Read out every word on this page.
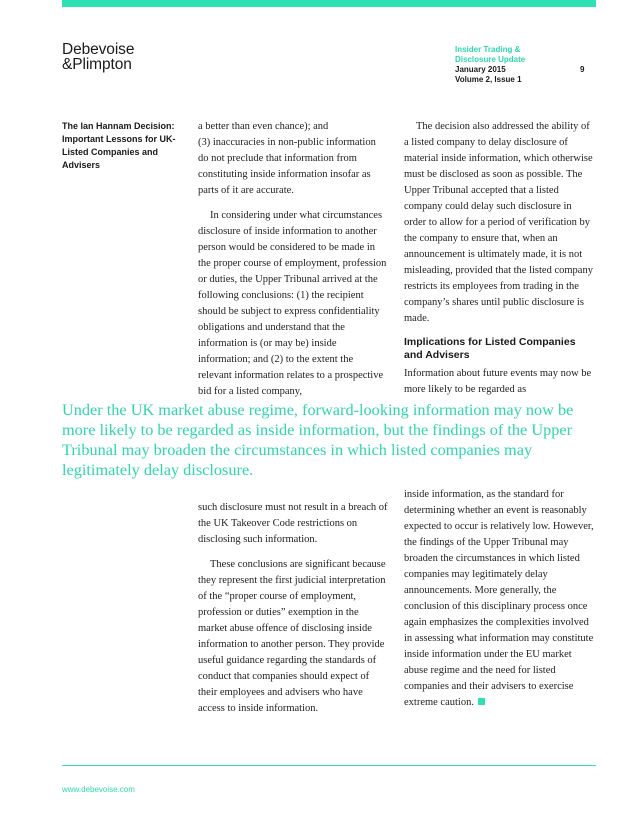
Debevoise
&Plimpton
Insider Trading &
Disclosure Update
January 2015
Volume 2, Issue 1
9
The Ian Hannam Decision: Important Lessons for UK-Listed Companies and Advisers

a better than even chance); and
(3) inaccuracies in non-public information do not preclude that information from constituting inside information insofar as parts of it are accurate.

In considering under what circumstances disclosure of inside information to another person would be considered to be made in the proper course of employment, profession or duties, the Upper Tribunal arrived at the following conclusions: (1) the recipient should be subject to express confidentiality obligations and understand that the information is (or may be) inside information; and (2) to the extent the relevant information relates to a prospective bid for a listed company,

The decision also addressed the ability of a listed company to delay disclosure of material inside information, which otherwise must be disclosed as soon as possible. The Upper Tribunal accepted that a listed company could delay such disclosure in order to allow for a period of verification by the company to ensure that, when an announcement is ultimately made, it is not misleading, provided that the listed company restricts its employees from trading in the company’s shares until public disclosure is made.

Implications for Listed Companies and Advisers

Information about future events may now be more likely to be regarded as

Under the UK market abuse regime, forward-looking information may now be more likely to be regarded as inside information, but the findings of the Upper Tribunal may broaden the circumstances in which listed companies may legitimately delay disclosure.

such disclosure must not result in a breach of the UK Takeover Code restrictions on disclosing such information.

These conclusions are significant because they represent the first judicial interpretation of the “proper course of employment, profession or duties” exemption in the market abuse offence of disclosing inside information to another person. They provide useful guidance regarding the standards of conduct that companies should expect of their employees and advisers who have access to inside information.

inside information, as the standard for determining whether an event is reasonably expected to occur is relatively low. However, the findings of the Upper Tribunal may broaden the circumstances in which listed companies may legitimately delay announcements. More generally, the conclusion of this disciplinary process once again emphasizes the complexities involved in assessing what information may constitute inside information under the EU market abuse regime and the need for listed companies and their advisers to exercise extreme caution.

www.debevoise.com
